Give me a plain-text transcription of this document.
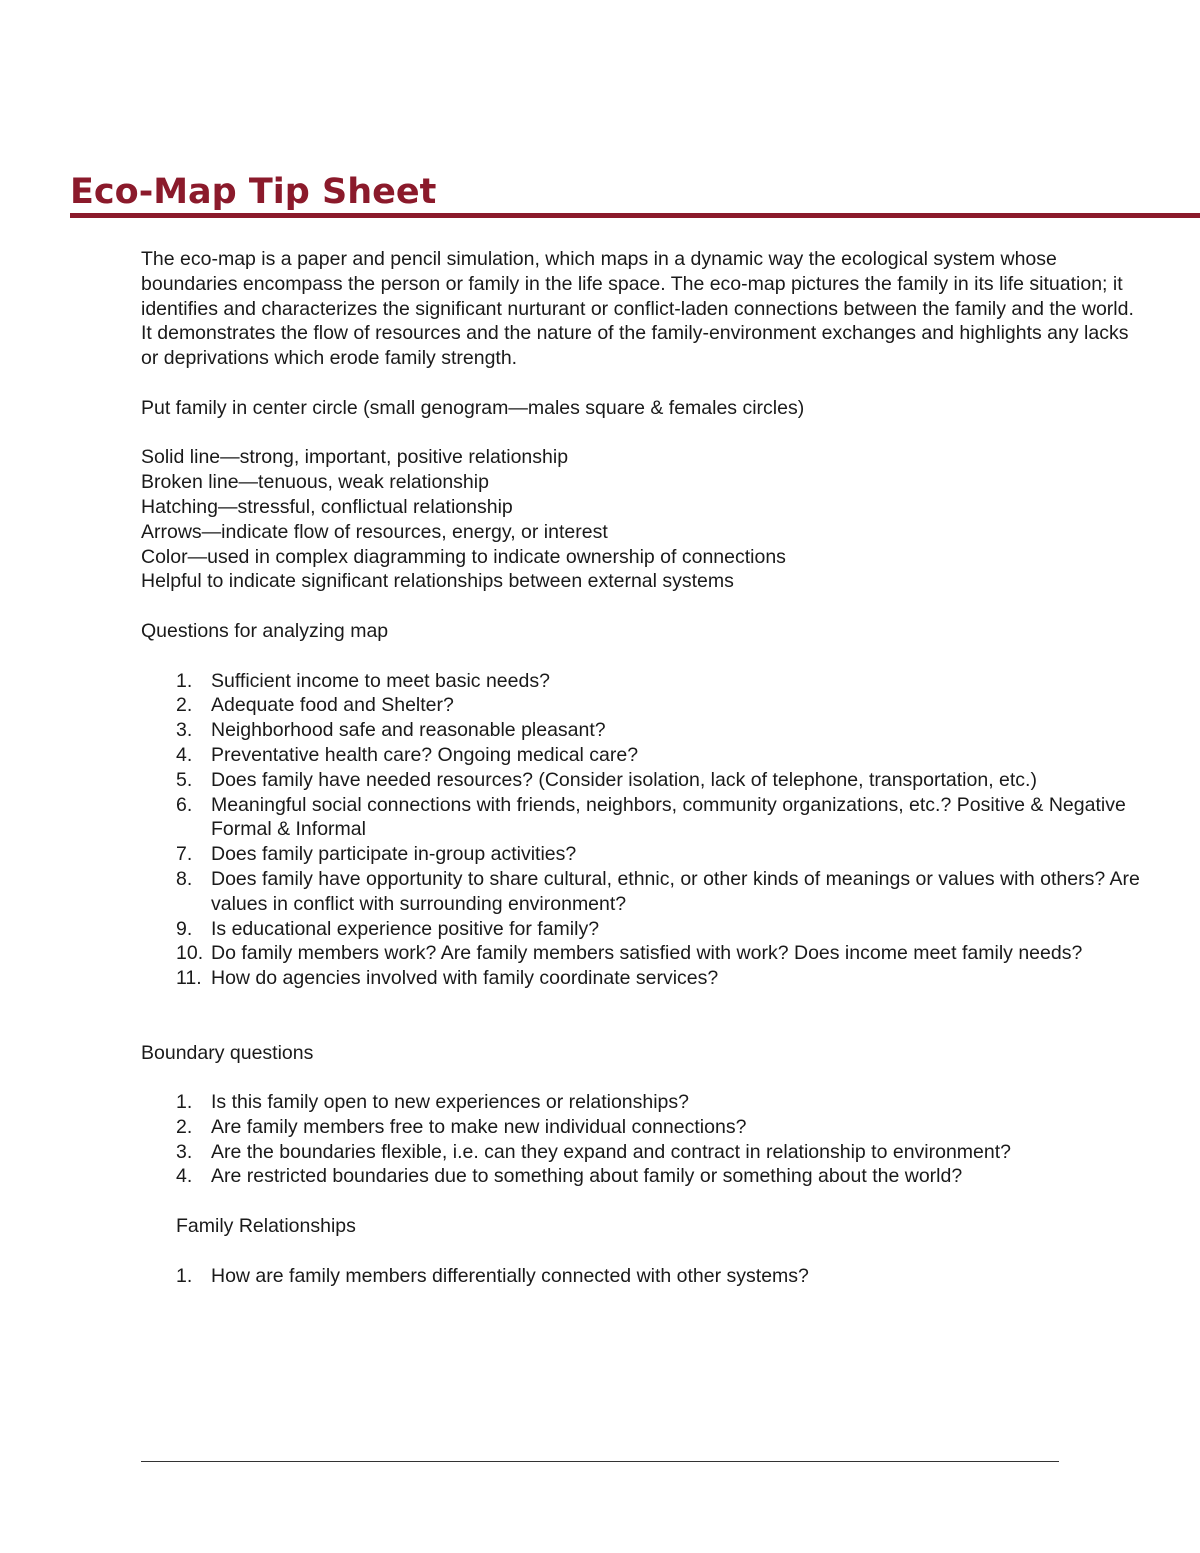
Eco-Map Tip Sheet

The eco-map is a paper and pencil simulation, which maps in a dynamic way the ecological system whose boundaries encompass the person or family in the life space. The eco-map pictures the family in its life situation; it identifies and characterizes the significant nurturant or conflict-laden connections between the family and the world. It demonstrates the flow of resources and the nature of the family-environment exchanges and highlights any lacks or deprivations which erode family strength.

Put family in center circle (small genogram—males square & females circles)

Solid line—strong, important, positive relationship

Broken line—tenuous, weak relationship

Hatching—stressful, conflictual relationship

Arrows—indicate flow of resources, energy, or interest

Color—used in complex diagramming to indicate ownership of connections

Helpful to indicate significant relationships between external systems

Questions for analyzing map

1. Sufficient income to meet basic needs?
2. Adequate food and Shelter?
3. Neighborhood safe and reasonable pleasant?
4. Preventative health care? Ongoing medical care?
5. Does family have needed resources? (Consider isolation, lack of telephone, transportation, etc.)
6. Meaningful social connections with friends, neighbors, community organizations, etc.? Positive & Negative Formal & Informal
7. Does family participate in-group activities?
8. Does family have opportunity to share cultural, ethnic, or other kinds of meanings or values with others? Are values in conflict with surrounding environment?
9. Is educational experience positive for family?
10. Do family members work? Are family members satisfied with work? Does income meet family needs?
11. How do agencies involved with family coordinate services?

Boundary questions

1. Is this family open to new experiences or relationships?
2. Are family members free to make new individual connections?
3. Are the boundaries flexible, i.e. can they expand and contract in relationship to environment?
4. Are restricted boundaries due to something about family or something about the world?

Family Relationships

1. How are family members differentially connected with other systems?
